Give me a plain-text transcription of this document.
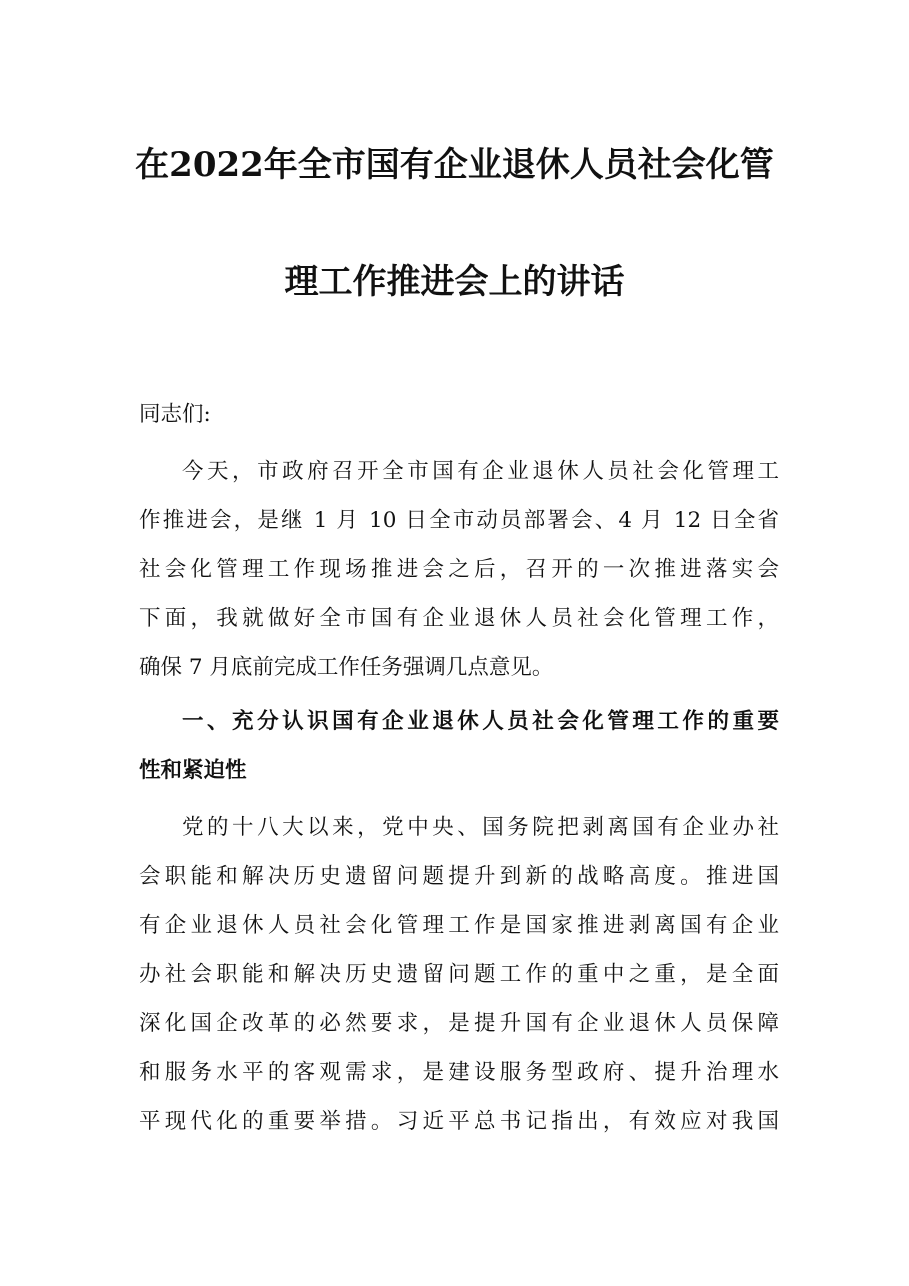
在2022年全市国有企业退休人员社会化管
理工作推进会上的讲话
同志们:
今天，市政府召开全市国有企业退休人员社会化管理工
作推进会，是继 1 月 10 日全市动员部署会、4 月 12 日全省
社会化管理工作现场推进会之后，召开的一次推进落实会
下面，我就做好全市国有企业退休人员社会化管理工作，
确保 7 月底前完成工作任务强调几点意见。
一、充分认识国有企业退休人员社会化管理工作的重要
性和紧迫性
党的十八大以来，党中央、国务院把剥离国有企业办社
会职能和解决历史遗留问题提升到新的战略高度。推进国
有企业退休人员社会化管理工作是国家推进剥离国有企业
办社会职能和解决历史遗留问题工作的重中之重，是全面
深化国企改革的必然要求，是提升国有企业退休人员保障
和服务水平的客观需求，是建设服务型政府、提升治理水
平现代化的重要举措。习近平总书记指出，有效应对我国
